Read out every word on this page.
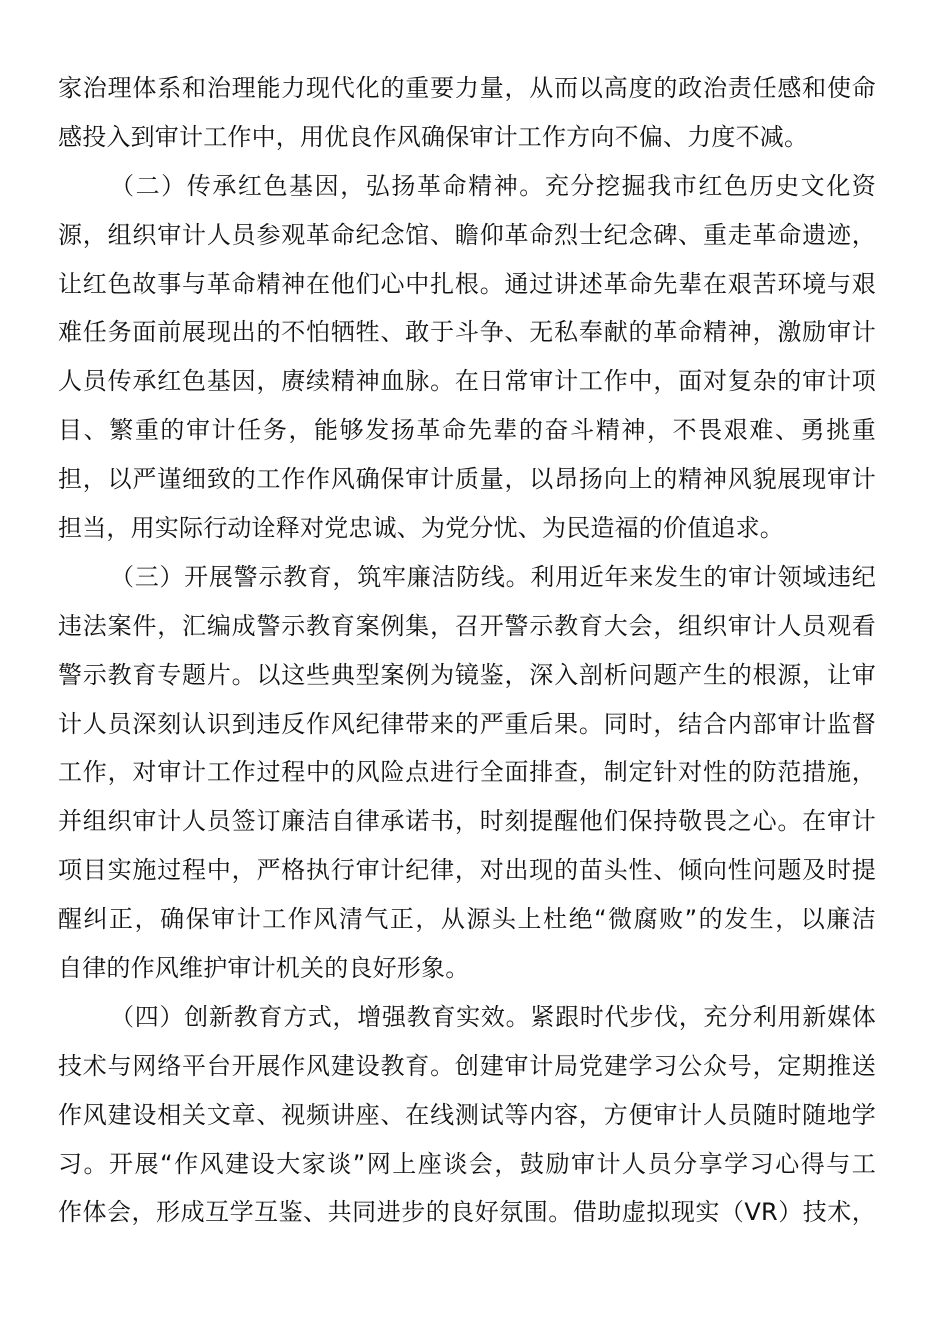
家治理体系和治理能力现代化的重要力量，从而以高度的政治责任感和使命
感投入到审计工作中，用优良作风确保审计工作方向不偏、力度不减。
（二）传承红色基因，弘扬革命精神。充分挖掘我市红色历史文化资
源，组织审计人员参观革命纪念馆、瞻仰革命烈士纪念碑、重走革命遗迹，
让红色故事与革命精神在他们心中扎根。通过讲述革命先辈在艰苦环境与艰
难任务面前展现出的不怕牺牲、敢于斗争、无私奉献的革命精神，激励审计
人员传承红色基因，赓续精神血脉。在日常审计工作中，面对复杂的审计项
目、繁重的审计任务，能够发扬革命先辈的奋斗精神，不畏艰难、勇挑重
担，以严谨细致的工作作风确保审计质量，以昂扬向上的精神风貌展现审计
担当，用实际行动诠释对党忠诚、为党分忧、为民造福的价值追求。
（三）开展警示教育，筑牢廉洁防线。利用近年来发生的审计领域违纪
违法案件，汇编成警示教育案例集，召开警示教育大会，组织审计人员观看
警示教育专题片。以这些典型案例为镜鉴，深入剖析问题产生的根源，让审
计人员深刻认识到违反作风纪律带来的严重后果。同时，结合内部审计监督
工作，对审计工作过程中的风险点进行全面排查，制定针对性的防范措施，
并组织审计人员签订廉洁自律承诺书，时刻提醒他们保持敬畏之心。在审计
项目实施过程中，严格执行审计纪律，对出现的苗头性、倾向性问题及时提
醒纠正，确保审计工作风清气正，从源头上杜绝“微腐败”的发生，以廉洁
自律的作风维护审计机关的良好形象。
（四）创新教育方式，增强教育实效。紧跟时代步伐，充分利用新媒体
技术与网络平台开展作风建设教育。创建审计局党建学习公众号，定期推送
作风建设相关文章、视频讲座、在线测试等内容，方便审计人员随时随地学
习。开展“作风建设大家谈”网上座谈会，鼓励审计人员分享学习心得与工
作体会，形成互学互鉴、共同进步的良好氛围。借助虚拟现实（VR）技术，
